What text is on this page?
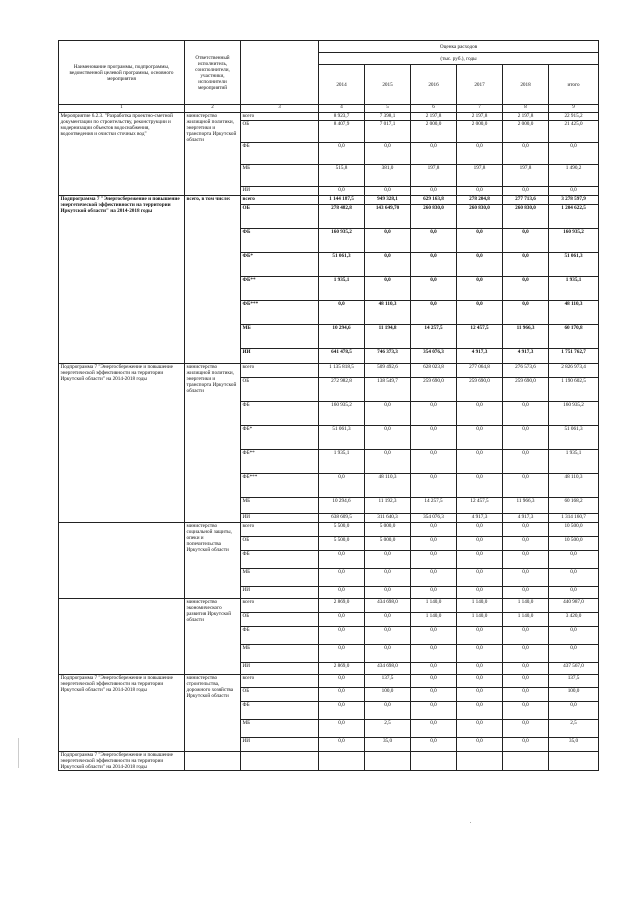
Наименование программы, подпрограммы, ведомственной целевой программы, основного мероприятия	Ответственный исполнитель, соисполнители, участники, исполнители мероприятий		Оценка расходов					
			(тыс. руб.), годы					
			2014	2015	2016	2017	2018	итого
1	2	3	4	5	6	7	8	9
Мероприятие 6.2.3. "Разработка проектно-сметной документации по строительству, реконструкции и модернизации объектов водоснабжения, водоотведения и очистки сточных вод"	министерство жилищной политики, энергетики и транспорта Иркутской области	всего	8 923,7	7 398,1	2 197,8	2 197,8	2 197,8	22 915,2
		ОБ	8 407,9	7 017,1	2 000,0	2 000,0	2 000,0	21 425,0
		ФБ	0,0	0,0	0,0	0,0	0,0	0,0
		МБ	515,8	381,0	197,8	197,8	197,8	1 490,2
		ИИ	0,0	0,0	0,0	0,0	0,0	0,0
Подпрограмма 7 "Энергосбережение и повышение энергетической эффективности на территории Иркутской области" на 2014-2018 годы	всего, в том числе:	всего	1 144 187,5	949 328,1	629 163,8	278 204,8	277 713,6	3 278 597,9
		ОБ	278 482,8	143 649,70	260 830,0	260 830,0	260 830,0	1 204 622,5
		ФБ	160 935,2	0,0	0,0	0,0	0,0	160 935,2
		ФБ*	51 061,3	0,0	0,0	0,0	0,0	51 061,3
		ФБ**	1 935,1	0,0	0,0	0,0	0,0	1 935,1
		ФБ***	0,0	48 110,3	0,0	0,0	0,0	48 110,3
		МБ	10 294,6	11 194,8	14 257,5	12 457,5	11 966,3	60 170,8
		ИИ	641 478,5	746 373,3	354 076,3	4 917,3	4 917,3	1 751 762,7
Подпрограмма 7 "Энергосбережение и повышение энергетической эффективности на территории Иркутской области" на 2014-2018 годы	министерство жилищной политики, энергетики и транспорта Иркутской области	всего	1 135 818,5	509 492,6	628 023,8	277 064,8	276 573,6	2 826 973,4
		ОБ	272 982,8	138 549,7	259 690,0	259 690,0	259 690,0	1 190 602,5
		ФБ	160 935,2	0,0	0,0	0,0	0,0	160 935,2
		ФБ*	51 061,3	0,0	0,0	0,0	0,0	51 061,3
		ФБ**	1 935,1	0,0	0,0	0,0	0,0	1 935,1
		ФБ***	0,0	48 110,3	0,0	0,0	0,0	48 110,3
		МБ	10 294,6	11 192,3	14 257,5	12 457,5	11 966,3	60 168,2
		ИИ	638 609,5	311 640,3	354 076,3	4 917,3	4 917,3	1 314 160,7
	министерство социальной защиты, опеки и попечительства Иркутской области	всего	5 500,0	5 000,0	0,0	0,0	0,0	10 500,0
		ОБ	5 500,0	5 000,0	0,0	0,0	0,0	10 500,0
		ФБ	0,0	0,0	0,0	0,0	0,0	0,0
		МБ	0,0	0,0	0,0	0,0	0,0	0,0
		ИИ	0,0	0,0	0,0	0,0	0,0	0,0
	министерство экономического развития Иркутской области	всего	2 869,0	434 698,0	1 140,0	1 140,0	1 140,0	440 987,0
		ОБ	0,0	0,0	1 140,0	1 140,0	1 140,0	3 420,0
		ФБ	0,0	0,0	0,0	0,0	0,0	0,0
		МБ	0,0	0,0	0,0	0,0	0,0	0,0
		ИИ	2 869,0	434 698,0	0,0	0,0	0,0	437 567,0
Подпрограмма 7 "Энергосбережение и повышение энергетической эффективности на территории Иркутской области" на 2014-2018 годы	министерство строительства, дорожного хозяйства Иркутской области	всего	0,0	137,5	0,0	0,0	0,0	137,5
		ОБ	0,0	100,0	0,0	0,0	0,0	100,0
		ФБ	0,0	0,0	0,0	0,0	0,0	0,0
		МБ	0,0	2,5	0,0	0,0	0,0	2,5
		ИИ	0,0	35,0	0,0	0,0	0,0	35,0
Подпрограмма 7 "Энергосбережение и повышение энергетической эффективности на территории Иркутской области" на 2014-2018 годы								
